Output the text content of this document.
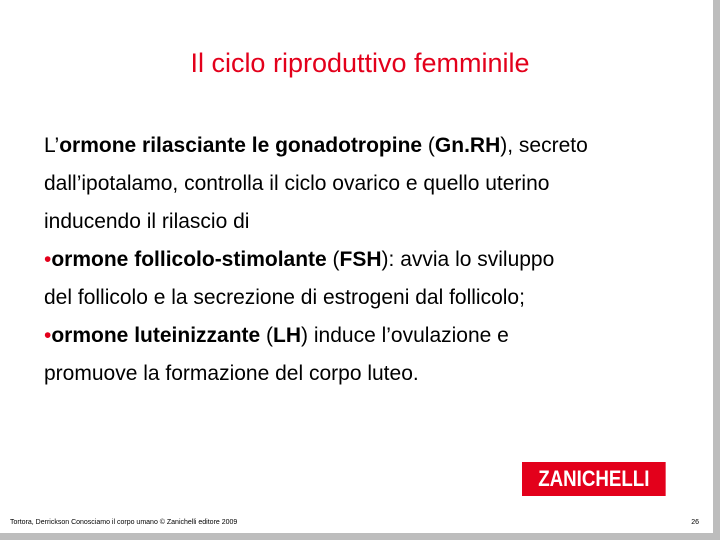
Il ciclo riproduttivo femminile
L’ormone rilasciante le gonadotropine (Gn.RH), secreto
dall’ipotalamo, controlla il ciclo ovarico e quello uterino
inducendo il rilascio di
•ormone follicolo-stimolante (FSH): avvia lo sviluppo
del follicolo e la secrezione di estrogeni dal follicolo;
•ormone luteinizzante (LH) induce l’ovulazione e
promuove la formazione del corpo luteo.
ZANICHELLI
Tortora, Derrickson Conosciamo il corpo umano © Zanichelli editore 2009	26
